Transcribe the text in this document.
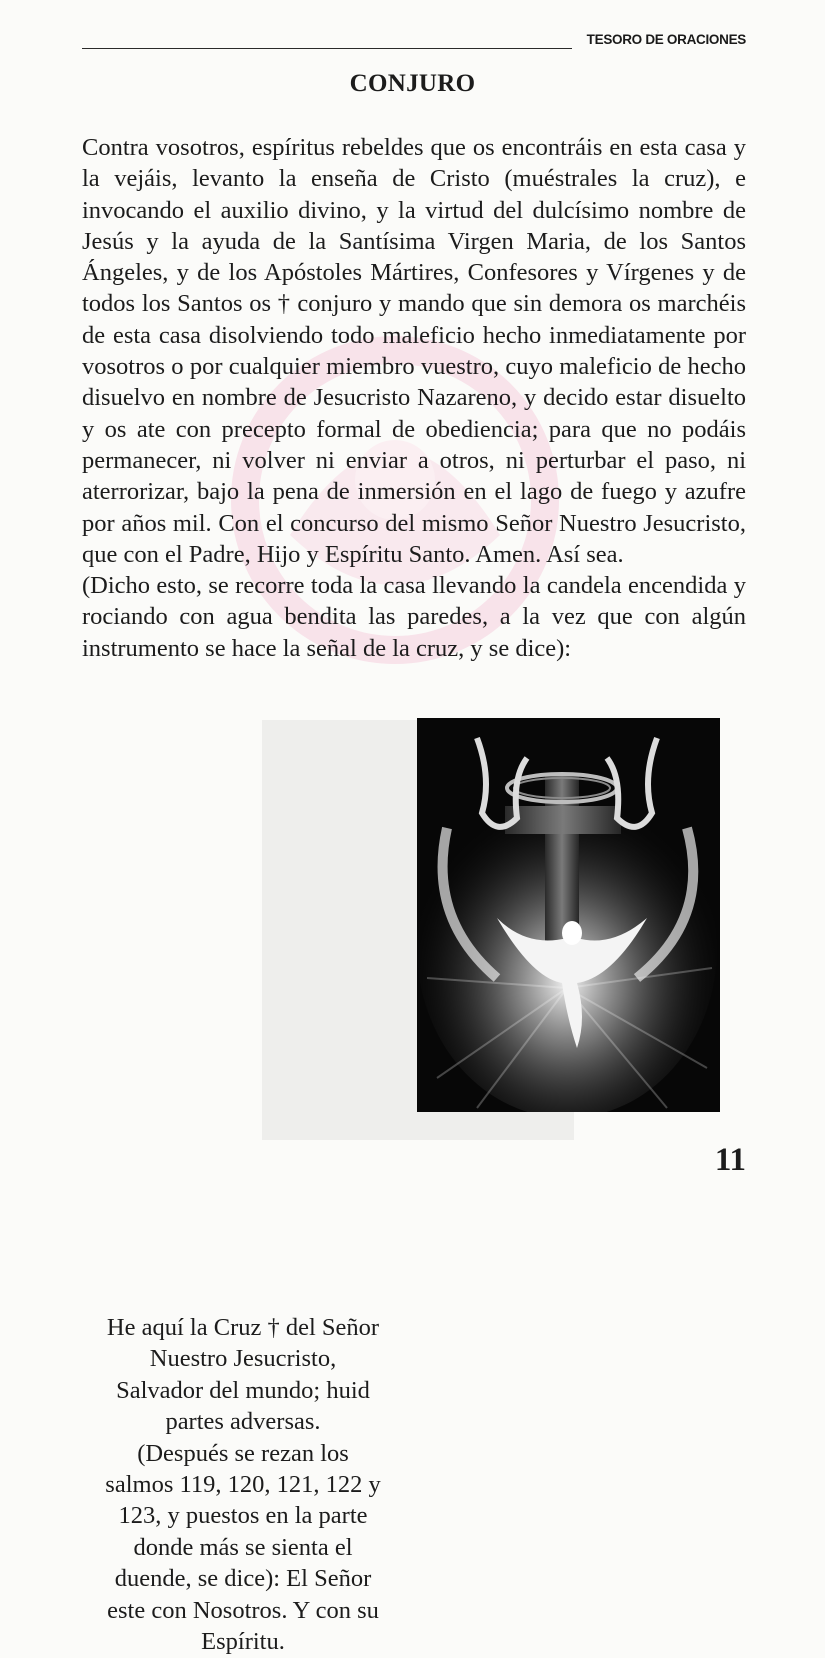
TESORO DE ORACIONES
CONJURO

Contra vosotros, espíritus rebeldes que os encontráis en esta casa y la vejáis, levanto la enseña de Cristo (muéstrales la cruz), e invocando el auxilio divino, y la virtud del dulcísimo nombre de Jesús y la ayuda de la Santísima Virgen Maria, de los Santos Ángeles, y de los Apóstoles Mártires, Confesores y Vírgenes y de todos los Santos os † conjuro y mando que sin demora os marchéis de esta casa disolviendo todo maleficio hecho inmediatamente por vosotros o por cualquier miembro vuestro, cuyo maleficio de hecho disuelvo en nombre de Jesucristo Nazareno, y decido estar disuelto y os ate con precepto formal de obediencia; para que no podáis permanecer, ni volver ni enviar a otros, ni perturbar el paso, ni aterrorizar, bajo la pena de inmersión en el lago de fuego y azufre por años mil. Con el concurso del mismo Señor Nuestro Jesucristo, que con el Padre, Hijo y Espíritu Santo. Amen. Así sea.

(Dicho esto, se recorre toda la casa llevando la candela encendida y rociando con agua bendita las paredes, a la vez que con algún instrumento se hace la señal de la cruz, y se dice):

He aquí la Cruz † del Señor
Nuestro Jesucristo,
Salvador del mundo; huid
partes adversas.
(Después se rezan los
salmos 119, 120, 121, 122 y
123, y puestos en la parte
donde más se sienta el
duende, se dice): El Señor
este con Nosotros. Y con su
Espíritu.
11
